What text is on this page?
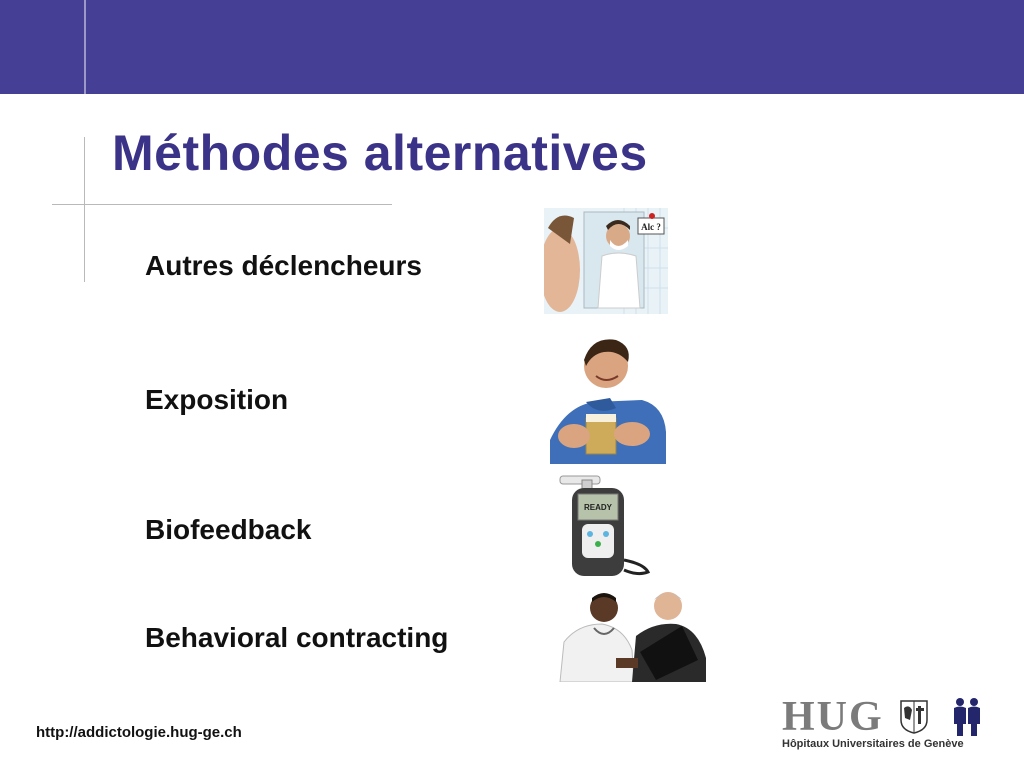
Méthodes alternatives
Autres déclencheurs
Exposition
Biofeedback
Behavioral contracting
Alc ?
READY
http://addictologie.hug-ge.ch	HUG
Hôpitaux Universitaires de Genève
